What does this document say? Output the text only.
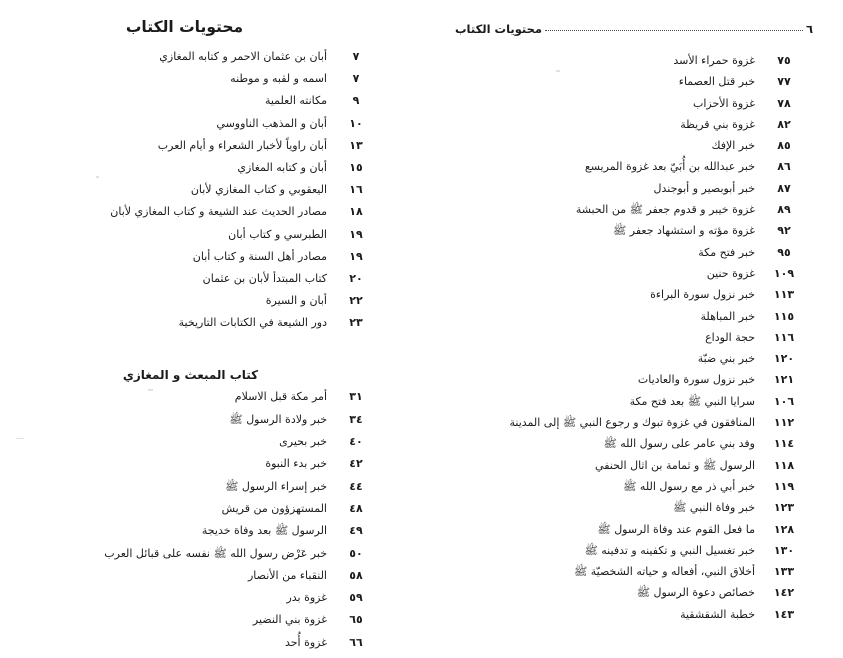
محتويات الكتاب
٧
أبان بن عثمان الاحمر و كتابه المغازي
٧
اسمه و لقبه و موطنه
٩
مكانته العلمية
١٠
أبان و المذهب الناووسي
١٣
أبان راوياً لأخبار الشعراء و أيام العرب
١٥
أبان و كتابه المغازي
١٦
اليعقوبي و كتاب المغازي لأبان
١٨
مصادر الحديث عند الشيعة و كتاب المغازي لأبان
١٩
الطبرسي و كتاب أبان
١٩
مصادر أهل السنة و كتاب أبان
٢٠
كتاب المبتدأ لأبان بن عثمان
٢٢
أبان و السيرة
٢٣
دور الشيعة في الكتابات التاريخية
كتاب المبعث و المغازي
٣١
أمر مكة قبل الاسلام
٣٤
خبر ولادة الرسول ﷺ
٤٠
خبر بحيرى
٤٢
خبر بدء النبوة
٤٤
خبر إسراء الرسول ﷺ
٤٨
المستهزؤون من قريش
٤٩
الرسول ﷺ بعد وفاة خديجة
٥٠
خبر عَرْض رسول الله ﷺ نفسه على قبائل العرب
٥٨
النقباء من الأنصار
٥٩
غزوة بدر
٦٥
غزوة بني النضير
٦٦
غزوة أُحد
٦
محتويات الكتاب
٧٥
غزوة حمراء الأسد
٧٧
خبر قتل العصماء
٧٨
غزوة الأحزاب
٨٢
غزوة بني قريظة
٨٥
خبر الإفك
٨٦
خبر عبدالله بن أُبَيّ بعد غزوة المريسع
٨٧
خبر أبوبصير و أبوجندل
٨٩
غزوة خيبر و قدوم جعفر ﷺ من الحبشة
٩٢
غزوة مؤته و استشهاد جعفر ﷺ
٩٥
خبر فتح مكة
١٠٩
غزوة حنين
١١٣
خبر نزول سورة البراءة
١١٥
خبر المباهلة
١١٦
حجة الوداع
١٢٠
خبر بني ضبّة
١٢١
خبر نزول سورة والعاديات
١٠٦
سرايا النبي ﷺ بعد فتح مكة
١١٢
المنافقون في غزوة تبوك و رجوع النبي ﷺ إلى المدينة
١١٤
وفد بني عامر على رسول الله ﷺ
١١٨
الرسول ﷺ و ثمامة بن اثال الحنفي
١١٩
خبر أبي ذر مع رسول الله ﷺ
١٢٣
خبر وفاة النبي ﷺ
١٢٨
ما فعل القوم عند وفاة الرسول ﷺ
١٣٠
خبر تغسيل النبي و تكفينه و تدفينه ﷺ
١٣٣
أخلاق النبي، أفعاله و حياته الشخصيّة ﷺ
١٤٢
خصائص دعوة الرسول ﷺ
١٤٣
خطبة الشقشقية
